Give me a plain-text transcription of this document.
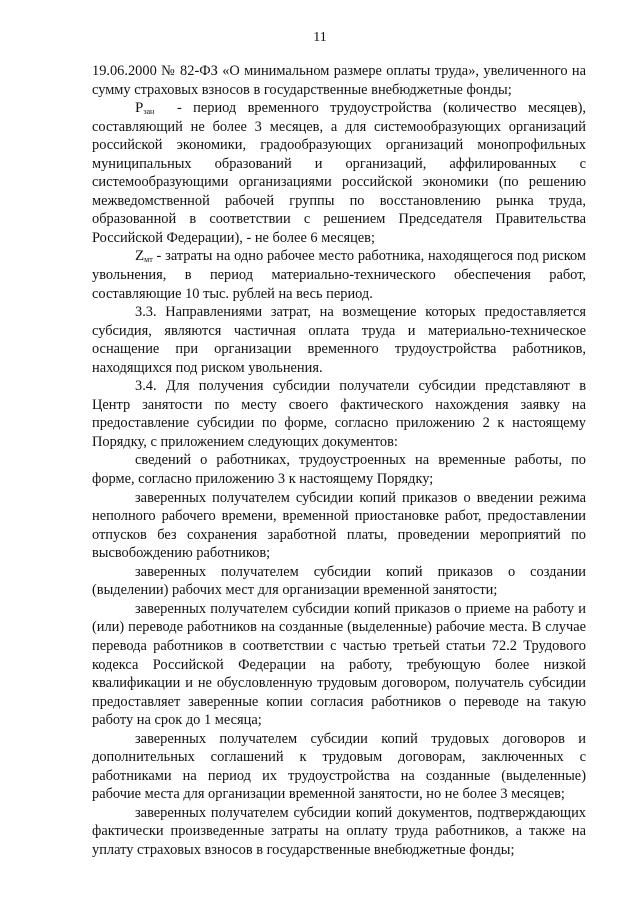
11

19.06.2000 № 82-ФЗ «О минимальном размере оплаты труда», увеличенного на сумму страховых взносов в государственные внебюджетные фонды;

$P_{зан}$ - период временного трудоустройства (количество месяцев), составляющий не более 3 месяцев, а для системообразующих организаций российской экономики, градообразующих организаций монопрофильных муниципальных образований и организаций, аффилированных с системообразующими организациями российской экономики (по решению межведомственной рабочей группы по восстановлению рынка труда, образованной в соответствии с решением Председателя Правительства Российской Федерации), - не более 6 месяцев;

$Z_{мт}$ - затраты на одно рабочее место работника, находящегося под риском увольнения, в период материально-технического обеспечения работ, составляющие 10 тыс. рублей на весь период.

3.3. Направлениями затрат, на возмещение которых предоставляется субсидия, являются частичная оплата труда и материально-техническое оснащение при организации временного трудоустройства работников, находящихся под риском увольнения.

3.4. Для получения субсидии получатели субсидии представляют в Центр занятости по месту своего фактического нахождения заявку на предоставление субсидии по форме, согласно приложению 2 к настоящему Порядку, с приложением следующих документов:

сведений о работниках, трудоустроенных на временные работы, по форме, согласно приложению 3 к настоящему Порядку;

заверенных получателем субсидии копий приказов о введении режима неполного рабочего времени, временной приостановке работ, предоставлении отпусков без сохранения заработной платы, проведении мероприятий по высвобождению работников;

заверенных получателем субсидии копий приказов о создании (выделении) рабочих мест для организации временной занятости;

заверенных получателем субсидии копий приказов о приеме на работу и (или) переводе работников на созданные (выделенные) рабочие места. В случае перевода работников в соответствии с частью третьей статьи 72.2 Трудового кодекса Российской Федерации на работу, требующую более низкой квалификации и не обусловленную трудовым договором, получатель субсидии предоставляет заверенные копии согласия работников о переводе на такую работу на срок до 1 месяца;

заверенных получателем субсидии копий трудовых договоров и дополнительных соглашений к трудовым договорам, заключенных с работниками на период их трудоустройства на созданные (выделенные) рабочие места для организации временной занятости, но не более 3 месяцев;

заверенных получателем субсидии копий документов, подтверждающих фактически произведенные затраты на оплату труда работников, а также на уплату страховых взносов в государственные внебюджетные фонды;
